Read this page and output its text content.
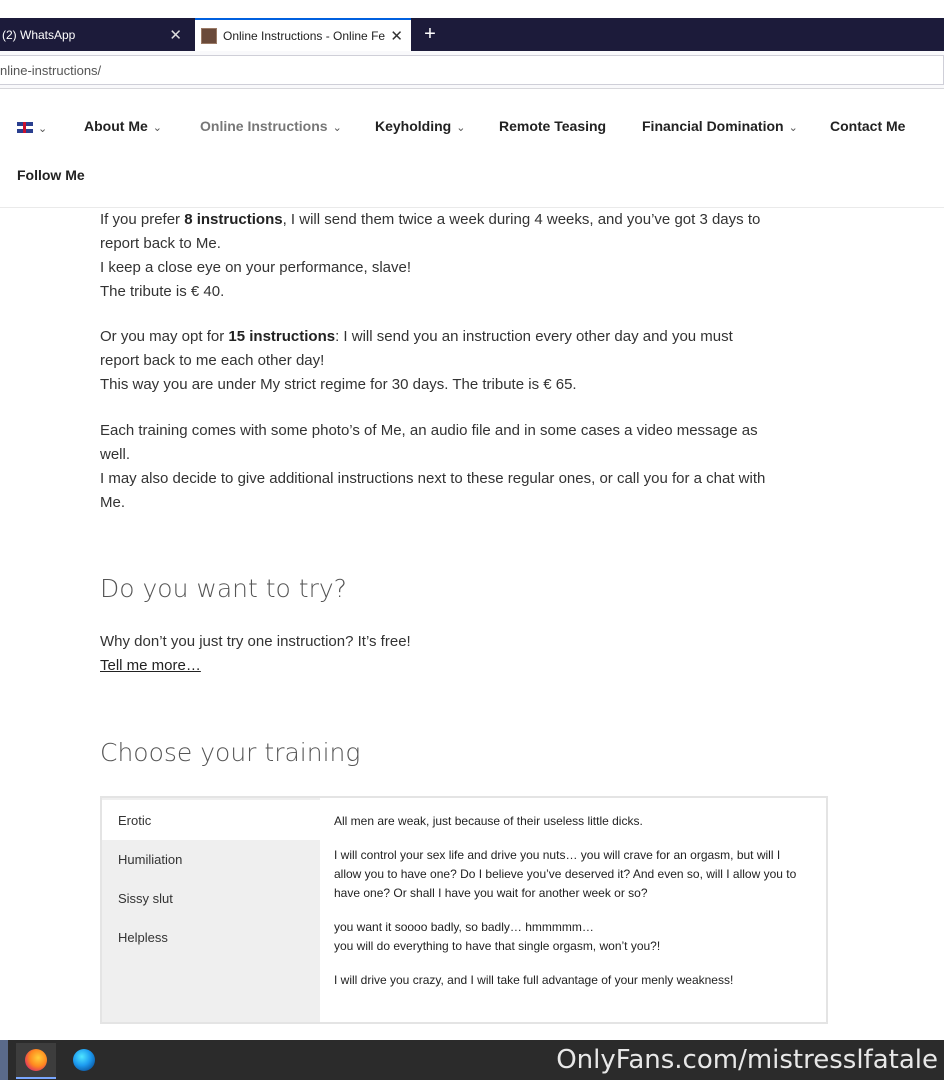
(2) WhatsApp	✕	Online Instructions - Online Fe ✕ +
nline-instructions/
⌄	About Me ⌄	Online Instructions ⌄ Keyholding ⌄ Remote Teasing	Financial Domination ⌄ Contact Me
Follow Me
If you prefer 8 instructions, I will send them twice a week during 4 weeks, and you’ve got 3 days to
report back to Me.
I keep a close eye on your performance, slave!
The tribute is € 40.
Or you may opt for 15 instructions: I will send you an instruction every other day and you must
report back to me each other day!
This way you are under My strict regime for 30 days. The tribute is € 65.
Each training comes with some photo’s of Me, an audio file and in some cases a video message as
well.
I may also decide to give additional instructions next to these regular ones, or call you for a chat with
Me.
Do you want to try?
Why don’t you just try one instruction? It’s free!
Tell me more…
Choose your training
Erotic
Humiliation
Sissy slut
Helpless

All men are weak, just because of their useless little dicks.

I will control your sex life and drive you nuts… you will crave for an orgasm, but will I allow you to have one? Do I believe you’ve deserved it? And even so, will I allow you to have one? Or shall I have you wait for another week or so?

you want it soooo badly, so badly… hmmmmm…
you will do everything to have that single orgasm, won’t you?!

I will drive you crazy, and I will take full advantage of your menly weakness!

OnlyFans.com/mistresslfatale
